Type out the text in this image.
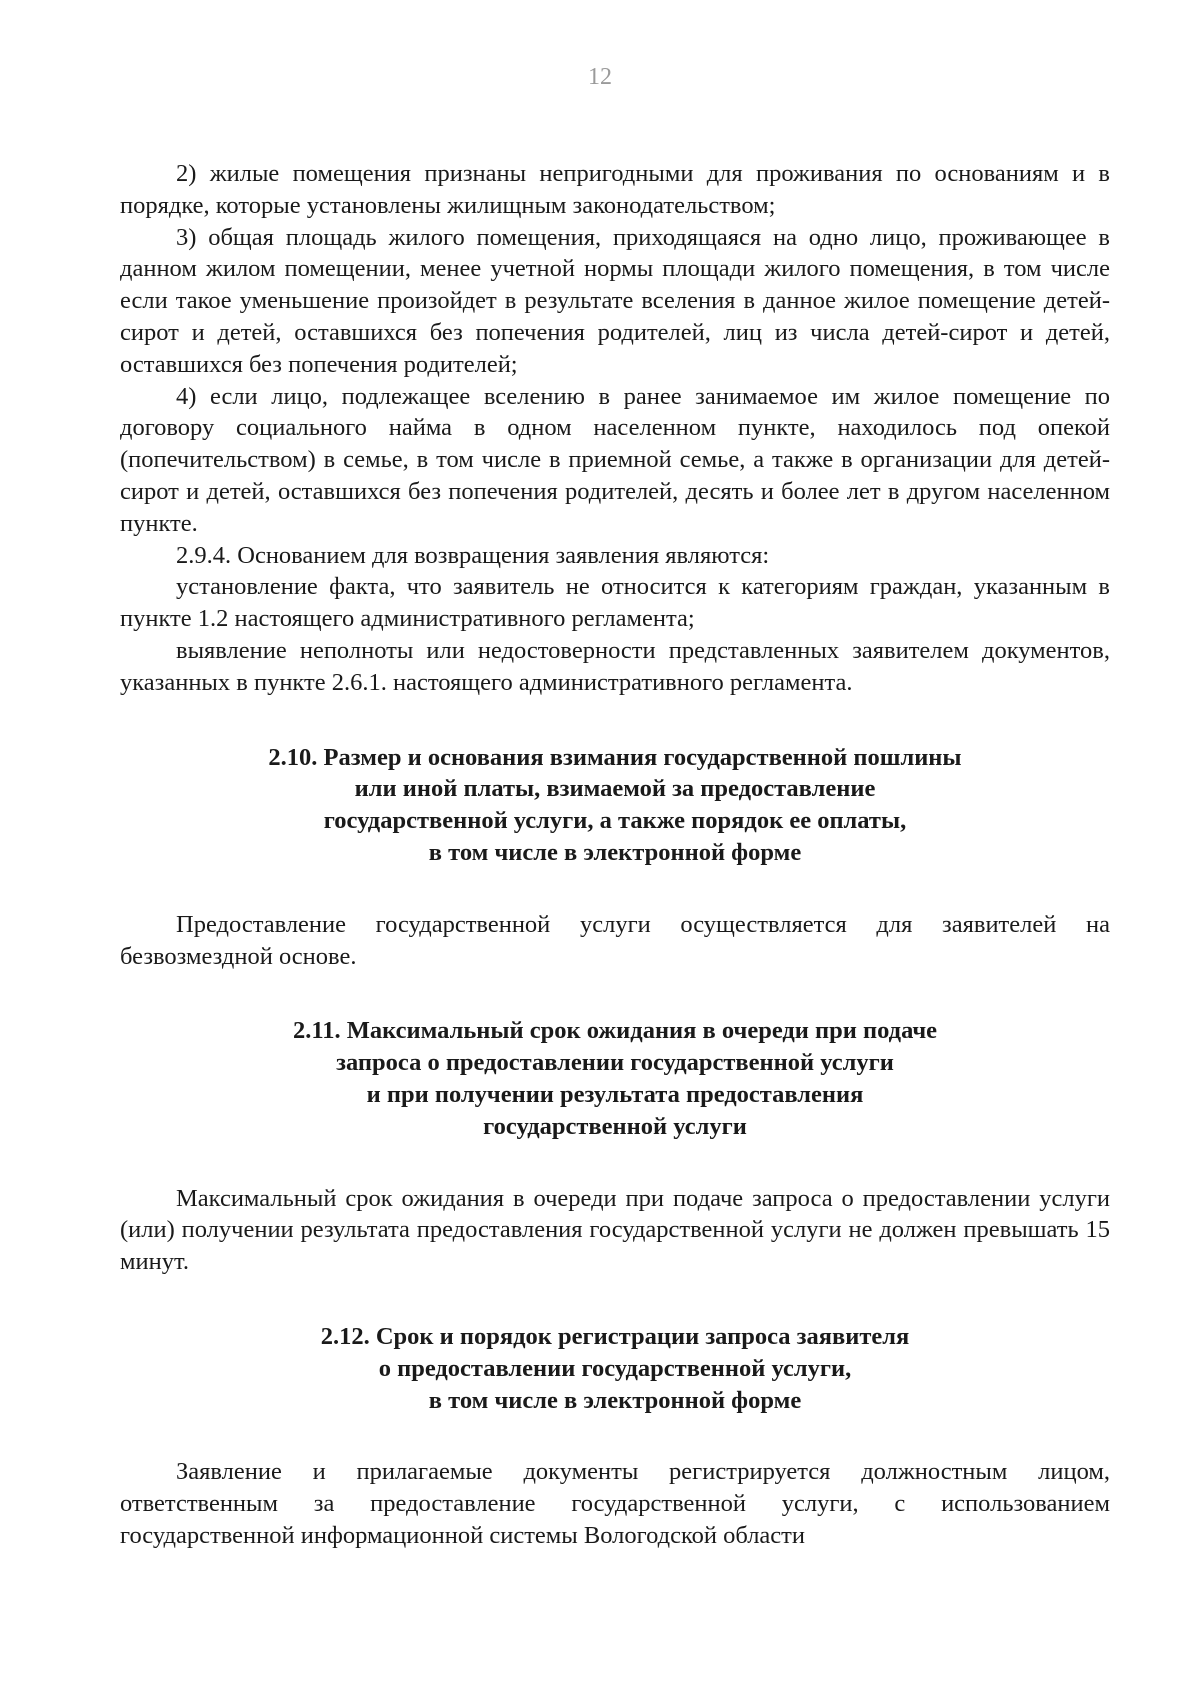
12

2) жилые помещения признаны непригодными для проживания по основаниям и в порядке, которые установлены жилищным законодательством;

3) общая площадь жилого помещения, приходящаяся на одно лицо, проживающее в данном жилом помещении, менее учетной нормы площади жилого помещения, в том числе если такое уменьшение произойдет в результате вселения в данное жилое помещение детей-сирот и детей, оставшихся без попечения родителей, лиц из числа детей-сирот и детей, оставшихся без попечения родителей;

4) если лицо, подлежащее вселению в ранее занимаемое им жилое помещение по договору социального найма в одном населенном пункте, находилось под опекой (попечительством) в семье, в том числе в приемной семье, а также в организации для детей-сирот и детей, оставшихся без попечения родителей, десять и более лет в другом населенном пункте.

2.9.4. Основанием для возвращения заявления являются:

установление факта, что заявитель не относится к категориям граждан, указанным в пункте 1.2 настоящего административного регламента;

выявление неполноты или недостоверности представленных заявителем документов, указанных в пункте 2.6.1. настоящего административного регламента.

2.10. Размер и основания взимания государственной пошлины

или иной платы, взимаемой за предоставление

государственной услуги, а также порядок ее оплаты,

в том числе в электронной форме

Предоставление государственной услуги осуществляется для заявителей на безвозмездной основе.

2.11. Максимальный срок ожидания в очереди при подаче

запроса о предоставлении государственной услуги

и при получении результата предоставления

государственной услуги

Максимальный срок ожидания в очереди при подаче запроса о предоставлении услуги (или) получении результата предоставления государственной услуги не должен превышать 15 минут.

2.12. Срок и порядок регистрации запроса заявителя

о предоставлении государственной услуги,

в том числе в электронной форме

Заявление и прилагаемые документы регистрируется должностным лицом, ответственным за предоставление государственной услуги, с использованием государственной информационной системы Вологодской области
